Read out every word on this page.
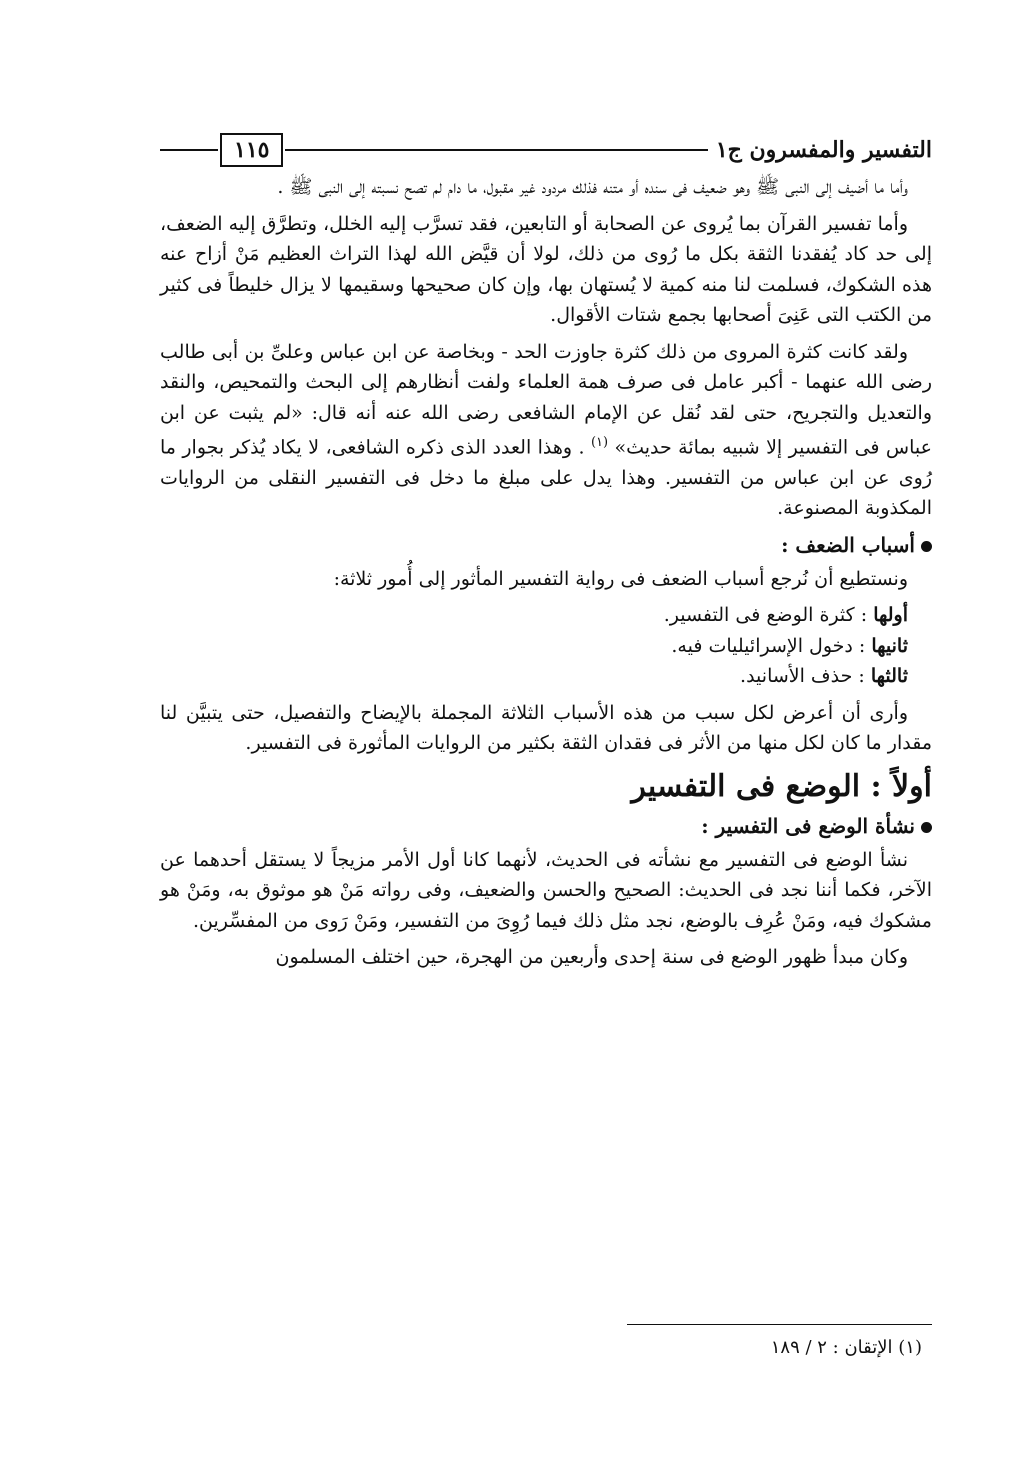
التفسير والمفسرون ج١
١١٥

وأما ما أضيف إلى النبى ﷺ وهو ضعيف فى سنده أو متنه فذلك مردود غير مقبول، ما دام لم تصح نسبته إلى النبى ﷺ .

وأما تفسير القرآن بما يُروى عن الصحابة أو التابعين، فقد تسرَّب إليه الخلل، وتطرَّق إليه الضعف، إلى حد كاد يُفقدنا الثقة بكل ما رُوى من ذلك، لولا أن قيَّض الله لهذا التراث العظيم مَنْ أزاح عنه هذه الشكوك، فسلمت لنا منه كمية لا يُستهان بها، وإن كان صحيحها وسقيمها لا يزال خليطاً فى كثير من الكتب التى عَنِىَ أصحابها بجمع شتات الأقوال.

ولقد كانت كثرة المروى من ذلك كثرة جاوزت الحد - وبخاصة عن ابن عباس وعلىِّ بن أبى طالب رضى الله عنهما - أكبر عامل فى صرف همة العلماء ولفت أنظارهم إلى البحث والتمحيص، والنقد والتعديل والتجريح، حتى لقد نُقل عن الإمام الشافعى رضى الله عنه أنه قال: «لم يثبت عن ابن عباس فى التفسير إلا شبيه بمائة حديث» $^{(١)}$ . وهذا العدد الذى ذكره الشافعى، لا يكاد يُذكر بجوار ما رُوى عن ابن عباس من التفسير. وهذا يدل على مبلغ ما دخل فى التفسير النقلى من الروايات المكذوبة المصنوعة.

أسباب الضعف :

ونستطيع أن نُرجع أسباب الضعف فى رواية التفسير المأثور إلى أُمور ثلاثة:

أولها : كثرة الوضع فى التفسير.
ثانيها : دخول الإسرائيليات فيه.
ثالثها : حذف الأسانيد.

وأرى أن أعرض لكل سبب من هذه الأسباب الثلاثة المجملة بالإيضاح والتفصيل، حتى يتبيَّن لنا مقدار ما كان لكل منها من الأثر فى فقدان الثقة بكثير من الروايات المأثورة فى التفسير.

أولاً : الوضع فى التفسير
نشأة الوضع فى التفسير :

نشأ الوضع فى التفسير مع نشأته فى الحديث، لأنهما كانا أول الأمر مزيجاً لا يستقل أحدهما عن الآخر، فكما أننا نجد فى الحديث: الصحيح والحسن والضعيف، وفى رواته مَنْ هو موثوق به، ومَنْ هو مشكوك فيه، ومَنْ عُرِف بالوضع، نجد مثل ذلك فيما رُوِىَ من التفسير، ومَنْ رَوى من المفسِّرين.

وكان مبدأ ظهور الوضع فى سنة إحدى وأربعين من الهجرة، حين اختلف المسلمون

(١) الإتقان : ٢ / ١٨٩
